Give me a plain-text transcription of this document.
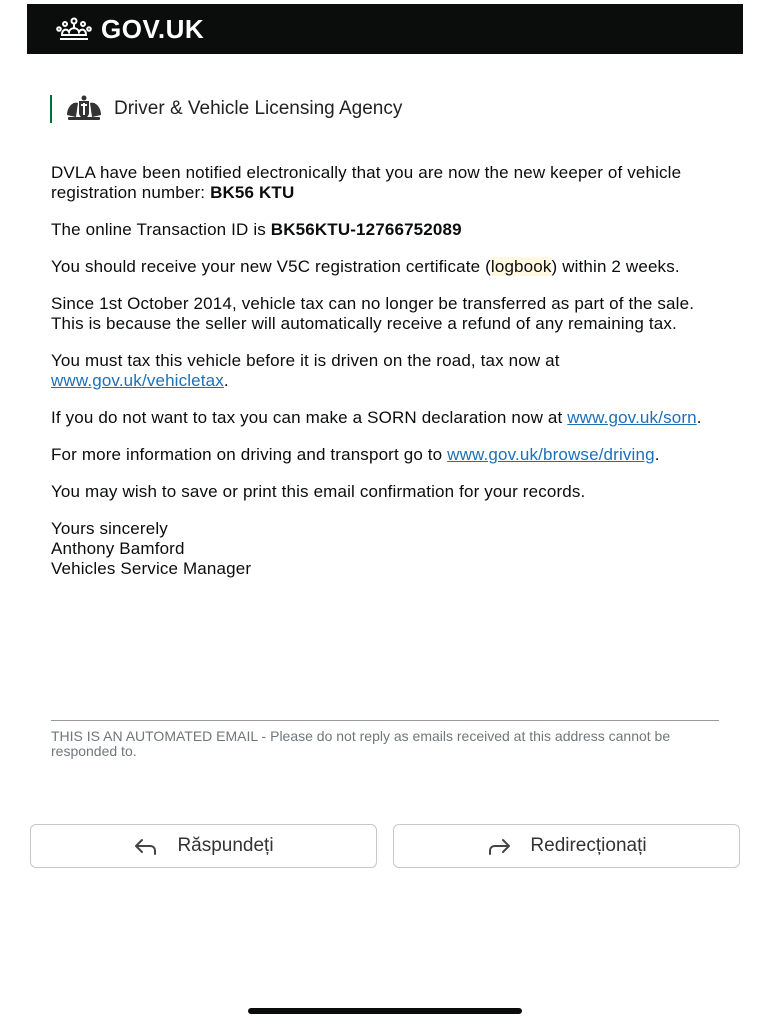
GOV.UK
Driver & Vehicle Licensing Agency

DVLA have been notified electronically that you are now the new keeper of vehicle registration number: BK56 KTU

The online Transaction ID is BK56KTU-12766752089

You should receive your new V5C registration certificate (logbook) within 2 weeks.

Since 1st October 2014, vehicle tax can no longer be transferred as part of the sale. This is because the seller will automatically receive a refund of any remaining tax.

You must tax this vehicle before it is driven on the road, tax now at www.gov.uk/vehicletax.

If you do not want to tax you can make a SORN declaration now at www.gov.uk/sorn.

For more information on driving and transport go to www.gov.uk/browse/driving.

You may wish to save or print this email confirmation for your records.

Yours sincerely
Anthony Bamford
Vehicles Service Manager

THIS IS AN AUTOMATED EMAIL - Please do not reply as emails received at this address cannot be responded to.
Răspundeți	Redirecționați
